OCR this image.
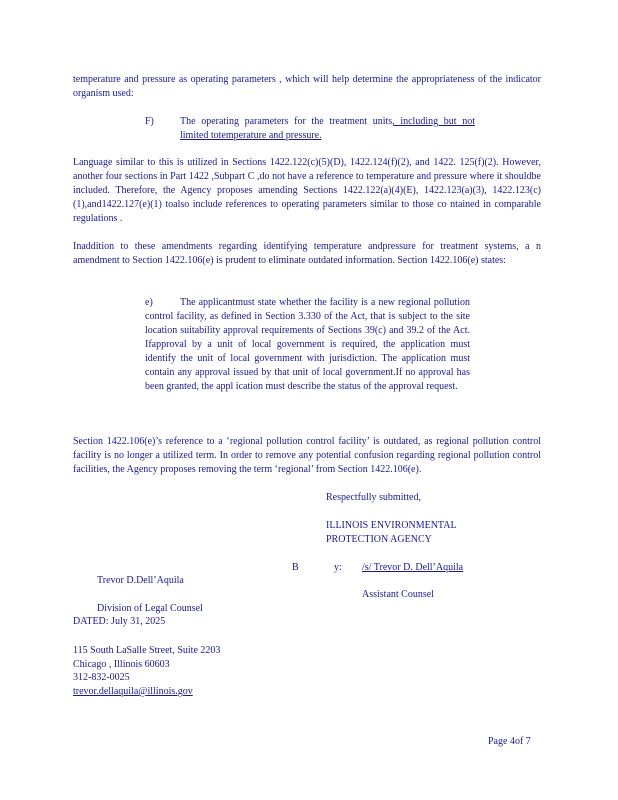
temperature and pressure as operating parameters , which will help determine the appropriateness of the indicator organism used:

F)	The operating parameters for the treatment units, including but not limited totemperature and pressure.

Language similar to this is utilized in Sections 1422.122(c)(5)(D), 1422.124(f)(2), and 1422. 125(f)(2). However, another four sections in Part 1422 ,Subpart C ,do not have a reference to temperature and pressure where it shouldbe included. Therefore, the Agency proposes amending Sections 1422.122(a)(4)(E), 1422.123(a)(3), 1422.123(c)(1),and1422.127(e)(1) toalso include references to operating parameters similar to those co ntained in comparable regulations .

Inaddition to these amendments regarding identifying temperature andpressure for treatment systems, a n amendment to Section 1422.106(e) is prudent to eliminate outdated information. Section 1422.106(e) states:

e)	The applicantmust state whether the facility is a new regional pollution control facility, as defined in Section 3.330 of the Act, that is subject to the site location suitability approval requirements of Sections 39(c) and 39.2 of the Act. Ifapproval by a unit of local government is required, the application must identify the unit of local government with jurisdiction. The application must contain any approval issued by that unit of local government.If no approval has been granted, the appl ication must describe the status of the approval request.

Section 1422.106(e)’s reference to a ‘regional pollution control facility’ is outdated, as regional pollution control facility is no longer a utilized term. In order to remove any potential confusion regarding regional pollution control facilities, the Agency proposes removing the term ‘regional’ from Section 1422.106(e).

Respectfully submitted,
ILLINOIS ENVIRONMENTAL
PROTECTION AGENCY
B	y: /s/ Trevor D. Dell’Aquila
Trevor D.Dell’Aquila
Assistant Counsel
Division of Legal Counsel
DATED: July 31, 2025
115 South LaSalle Street, Suite 2203
Chicago , Illinois 60603
312-832-0025
trevor.dellaquila@illinois.gov
Page 4of 7
